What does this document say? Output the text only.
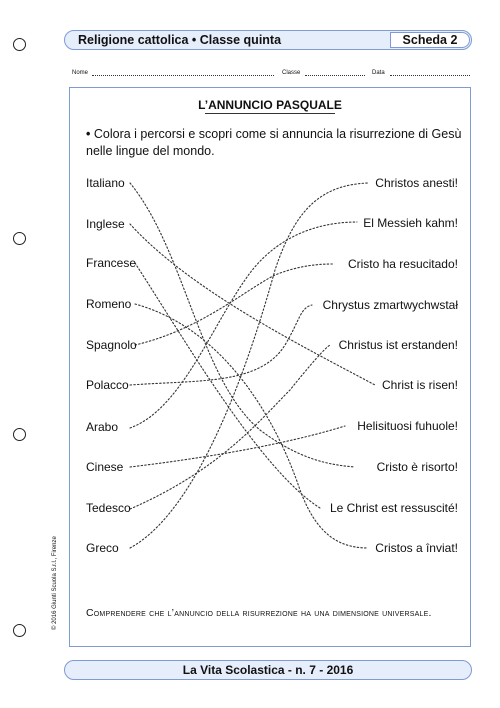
Religione cattolica • Classe quinta	Scheda 2
Nome	Classe	Data
L’ANNUNCIO PASQUALE
• Colora i percorsi e scopri come si annuncia la risurrezione di Gesù nelle lingue del mondo.
Italiano
Inglese
Francese
Romeno
Spagnolo
Polacco
Arabo
Cinese
Tedesco
Greco
Christos anesti!
El Messieh kahm!
Cristo ha resucitado!
Chrystus zmartwychwstał
Christus ist erstanden!
Christ is risen!
Helisituosi fuhuole!
Cristo è risorto!
Le Christ est ressuscité!
Cristos a înviat!
Comprendere che l’annuncio della risurrezione ha una dimensione universale.
© 2016 Giunti Scuola S.r.l., Firenze
La Vita Scolastica - n. 7 - 2016
